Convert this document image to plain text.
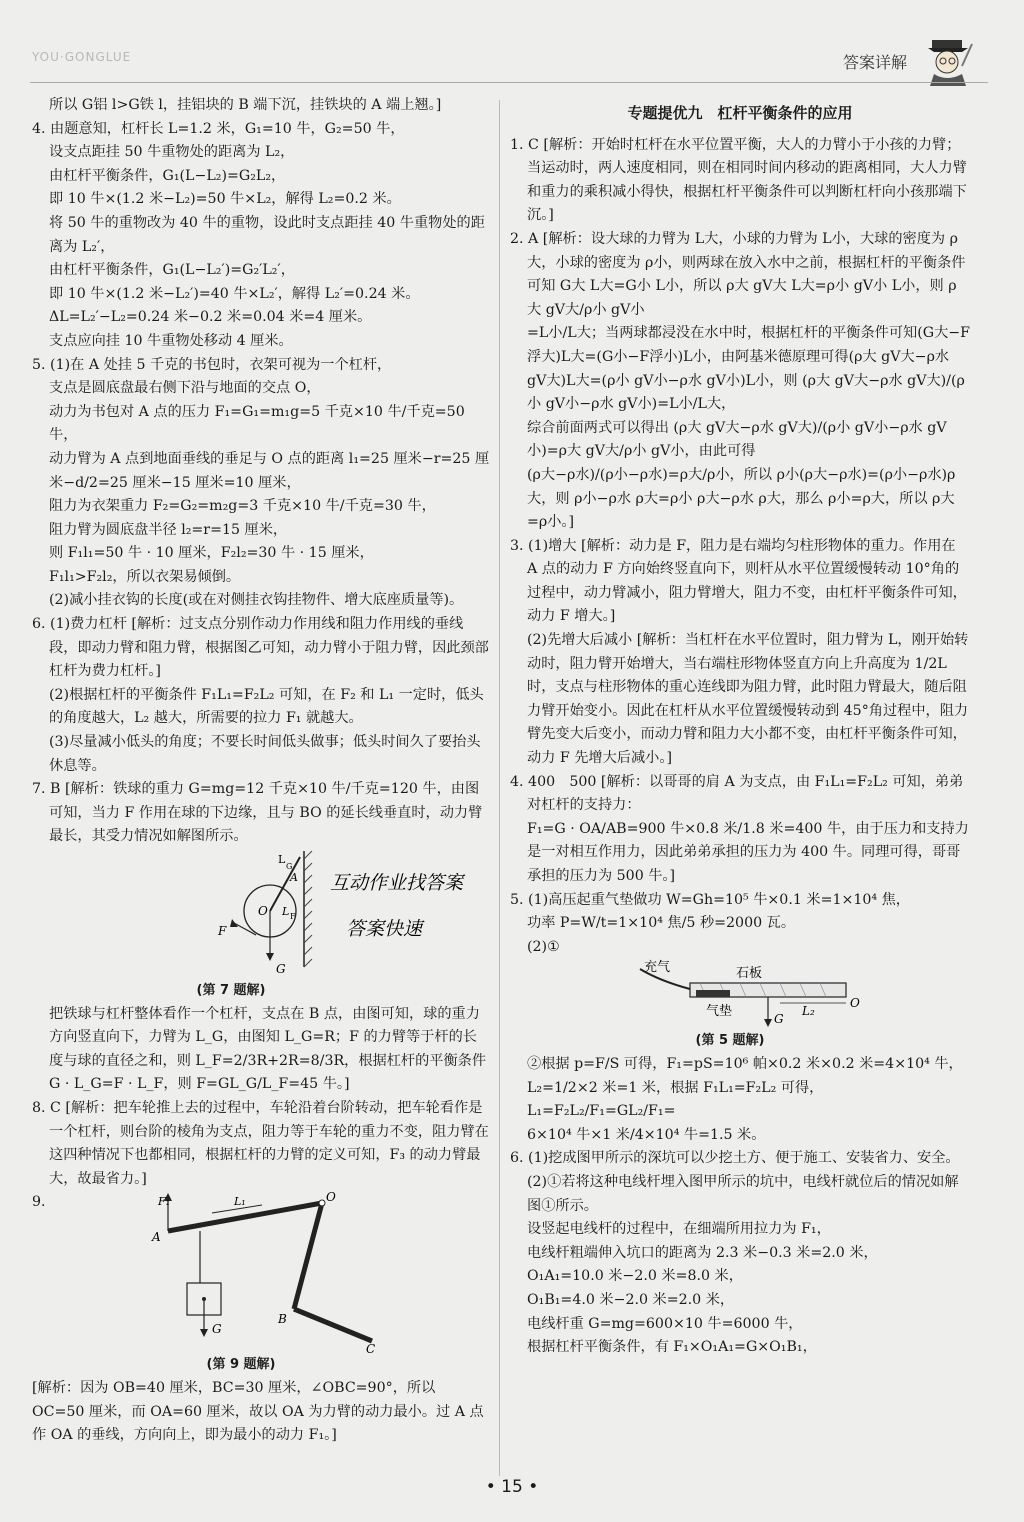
YOU·GONGLUE	答案详解

所以 G铝 l>G铁 l，挂铝块的 B 端下沉，挂铁块的 A 端上翘。]

4. 由题意知，杠杆长 L=1.2 米，G₁=10 牛，G₂=50 牛，

设支点距挂 50 牛重物处的距离为 L₂，

由杠杆平衡条件，G₁(L−L₂)=G₂L₂，

即 10 牛×(1.2 米−L₂)=50 牛×L₂，解得 L₂=0.2 米。

将 50 牛的重物改为 40 牛的重物，设此时支点距挂 40 牛重物处的距离为 L₂′，

由杠杆平衡条件，G₁(L−L₂′)=G₂′L₂′，

即 10 牛×(1.2 米−L₂′)=40 牛×L₂′，解得 L₂′=0.24 米。

ΔL=L₂′−L₂=0.24 米−0.2 米=0.04 米=4 厘米。

支点应向挂 10 牛重物处移动 4 厘米。

5. (1)在 A 处挂 5 千克的书包时，衣架可视为一个杠杆，

支点是圆底盘最右侧下沿与地面的交点 O，

动力为书包对 A 点的压力 F₁=G₁=m₁g=5 千克×10 牛/千克=50 牛，

动力臂为 A 点到地面垂线的垂足与 O 点的距离 l₁=25 厘米−r=25 厘米−d/2=25 厘米−15 厘米=10 厘米，

阻力为衣架重力 F₂=G₂=m₂g=3 千克×10 牛/千克=30 牛，

阻力臂为圆底盘半径 l₂=r=15 厘米，

则 F₁l₁=50 牛 · 10 厘米，F₂l₂=30 牛 · 15 厘米，

F₁l₁>F₂l₂，所以衣架易倾倒。

(2)减小挂衣钩的长度(或在对侧挂衣钩挂物件、增大底座质量等)。

6. (1)费力杠杆 [解析：过支点分别作动力作用线和阻力作用线的垂线段，即动力臂和阻力臂，根据图乙可知，动力臂小于阻力臂，因此颈部杠杆为费力杠杆。]

(2)根据杠杆的平衡条件 F₁L₁=F₂L₂ 可知，在 F₂ 和 L₁ 一定时，低头的角度越大，L₂ 越大，所需要的拉力 F₁ 就越大。

(3)尽量减小低头的角度；不要长时间低头做事；低头时间久了要抬头休息等。

7. B [解析：铁球的重力 G=mg=12 千克×10 牛/千克=120 牛，由图可知，当力 F 作用在球的下边缘，且与 BO 的延长线垂直时，动力臂最长，其受力情况如解图所示。

L
G
A
O L F
F
G
互动作业找答案
答案快速
(第 7 题解)

把铁球与杠杆整体看作一个杠杆，支点在 B 点，由图可知，球的重力方向竖直向下，力臂为 L_G，由图知 L_G=R；F 的力臂等于杆的长度与球的直径之和，则 L_F=2/3R+2R=8/3R，根据杠杆的平衡条件 G · L_G=F · L_F，则 F=GL_G/L_F=45 牛。]

8. C [解析：把车轮推上去的过程中，车轮沿着台阶转动，把车轮看作是一个杠杆，则台阶的棱角为支点，阻力等于车轮的重力不变，阻力臂在这四种情况下也都相同，根据杠杆的力臂的定义可知，F₃ 的动力臂最大，故最省力。]

9.	F₁	L₁	O
A
G
B
C
(第 9 题解)

[解析：因为 OB=40 厘米，BC=30 厘米，∠OBC=90°，所以 OC=50 厘米，而 OA=60 厘米，故以 OA 为力臂的动力最小。过 A 点作 OA 的垂线，方向向上，即为最小的动力 F₁。]

专题提优九　杠杆平衡条件的应用

1. C [解析：开始时杠杆在水平位置平衡，大人的力臂小于小孩的力臂；当运动时，两人速度相同，则在相同时间内移动的距离相同，大人力臂和重力的乘积减小得快，根据杠杆平衡条件可以判断杠杆向小孩那端下沉。]

2. A [解析：设大球的力臂为 L大，小球的力臂为 L小，大球的密度为 ρ大，小球的密度为 ρ小，则两球在放入水中之前，根据杠杆的平衡条件可知 G大 L大=G小 L小，所以 ρ大 gV大 L大=ρ小 gV小 L小，则 ρ大 gV大/ρ小 gV小

=L小/L大；当两球都浸没在水中时，根据杠杆的平衡条件可知(G大−F浮大)L大=(G小−F浮小)L小，由阿基米德原理可得(ρ大 gV大−ρ水 gV大)L大=(ρ小 gV小−ρ水 gV小)L小，则 (ρ大 gV大−ρ水 gV大)/(ρ小 gV小−ρ水 gV小)=L小/L大，

综合前面两式可以得出 (ρ大 gV大−ρ水 gV大)/(ρ小 gV小−ρ水 gV小)=ρ大 gV大/ρ小 gV小，由此可得

(ρ大−ρ水)/(ρ小−ρ水)=ρ大/ρ小，所以 ρ小(ρ大−ρ水)=(ρ小−ρ水)ρ大，则 ρ小−ρ水 ρ大=ρ小 ρ大−ρ水 ρ大，那么 ρ小=ρ大，所以 ρ大=ρ小。]

3. (1)增大 [解析：动力是 F，阻力是右端均匀柱形物体的重力。作用在 A 点的动力 F 方向始终竖直向下，则杆从水平位置缓慢转动 10°角的过程中，动力臂减小，阻力臂增大，阻力不变，由杠杆平衡条件可知，动力 F 增大。]

(2)先增大后减小 [解析：当杠杆在水平位置时，阻力臂为 L，刚开始转动时，阻力臂开始增大，当右端柱形物体竖直方向上升高度为 1/2L 时，支点与柱形物体的重心连线即为阻力臂，此时阻力臂最大，随后阻力臂开始变小。因此在杠杆从水平位置缓慢转动到 45°角过程中，阻力臂先变大后变小，而动力臂和阻力大小都不变，由杠杆平衡条件可知，动力 F 先增大后减小。]

4. 400　500 [解析：以哥哥的肩 A 为支点，由 F₁L₁=F₂L₂ 可知，弟弟对杠杆的支持力：

F₁=G · OA/AB=900 牛×0.8 米/1.8 米=400 牛，由于压力和支持力是一对相互作用力，因此弟弟承担的压力为 400 牛。同理可得，哥哥承担的压力为 500 牛。]

5. (1)高压起重气垫做功 W=Gh=10⁵ 牛×0.1 米=1×10⁴ 焦，

功率 P=W/t=1×10⁴ 焦/5 秒=2000 瓦。

(2)①

充气	石板
气垫	G
L₂
O
(第 5 题解)

②根据 p=F/S 可得，F₁=pS=10⁶ 帕×0.2 米×0.2 米=4×10⁴ 牛，

L₂=1/2×2 米=1 米，根据 F₁L₁=F₂L₂ 可得，L₁=F₂L₂/F₁=GL₂/F₁=

6×10⁴ 牛×1 米/4×10⁴ 牛=1.5 米。

6. (1)挖成图甲所示的深坑可以少挖土方、便于施工、安装省力、安全。

(2)①若将这种电线杆埋入图甲所示的坑中，电线杆就位后的情况如解图①所示。

设竖起电线杆的过程中，在细端所用拉力为 F₁，

电线杆粗端伸入坑口的距离为 2.3 米−0.3 米=2.0 米，

O₁A₁=10.0 米−2.0 米=8.0 米，

O₁B₁=4.0 米−2.0 米=2.0 米，

电线杆重 G=mg=600×10 牛=6000 牛，

根据杠杆平衡条件，有 F₁×O₁A₁=G×O₁B₁，

• 15 •
